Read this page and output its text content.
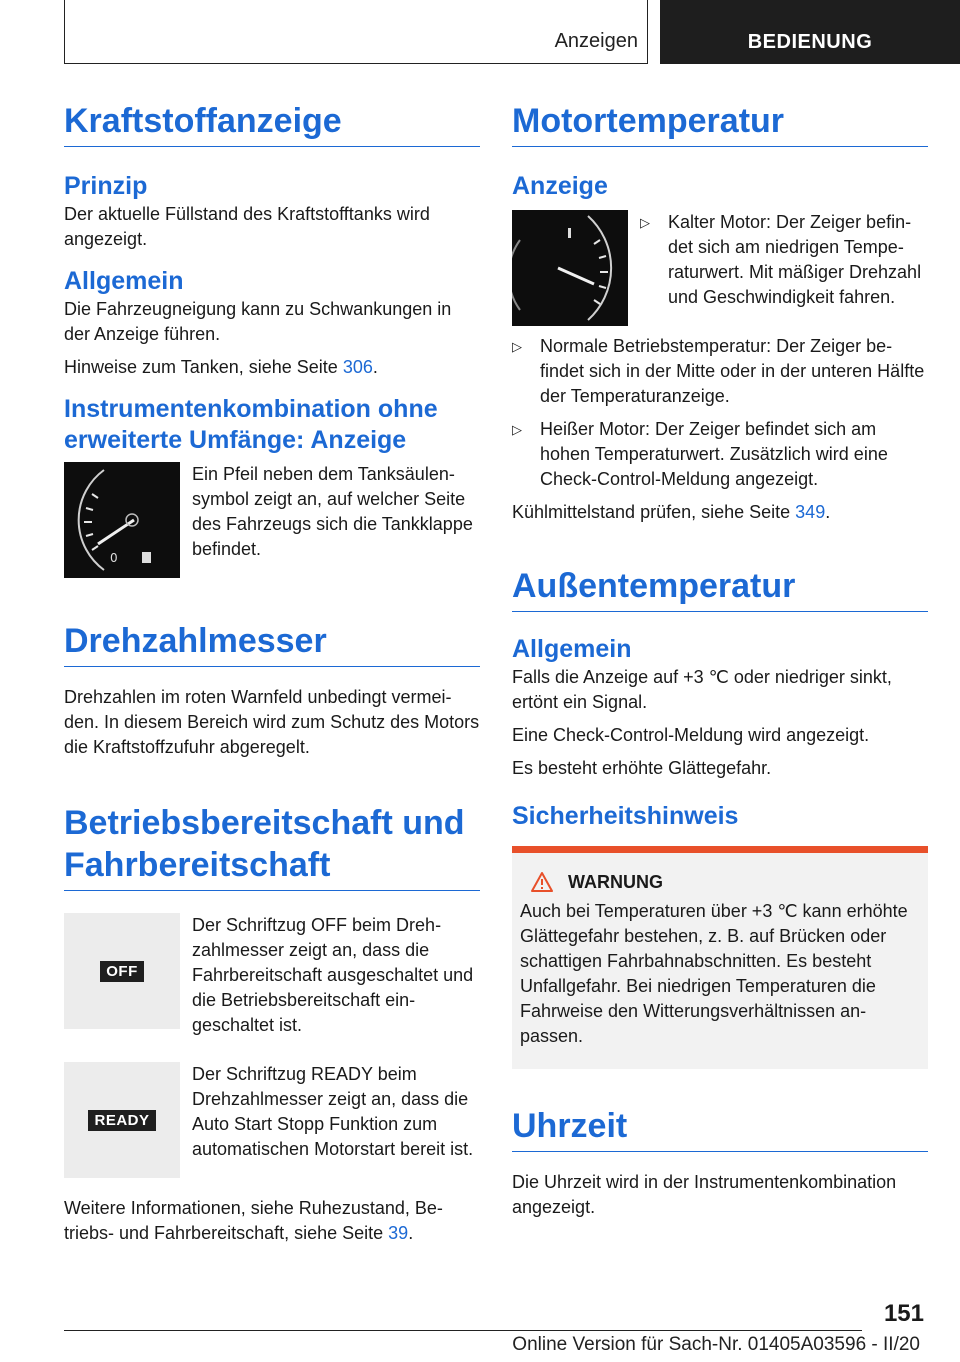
Anzeigen	BEDIENUNG
Kraftstoffanzeige
Prinzip

Der aktuelle Füllstand des Kraftstofftanks wird angezeigt.

Allgemein

Die Fahrzeugneigung kann zu Schwankungen in der Anzeige führen.

Hinweise zum Tanken, siehe Seite 306.

Instrumentenkombination ohne erweiterte Umfänge: Anzeige
0

Ein Pfeil neben dem Tanksäulensymbol zeigt an, auf welcher Seite des Fahrzeugs sich die Tankklappe befindet.

Drehzahlmesser

Drehzahlen im roten Warnfeld unbedingt vermeiden. In diesem Bereich wird zum Schutz des Motors die Kraftstoffzufuhr abgeregelt.

Betriebsbereitschaft und Fahrbereitschaft
OFF

Der Schriftzug OFF beim Drehzahlmesser zeigt an, dass die Fahrbereitschaft ausgeschaltet und die Betriebsbereitschaft eingeschaltet ist.

READY

Der Schriftzug READY beim Drehzahlmesser zeigt an, dass die Auto Start Stopp Funktion zum automatischen Motorstart bereit ist.

Weitere Informationen, siehe Ruhezustand, Betriebs- und Fahrbereitschaft, siehe Seite 39.

Motortemperatur
Anzeige
▷ Kalter Motor: Der Zeiger befindet sich am niedrigen Temperaturwert. Mit mäßiger Drehzahl und Geschwindigkeit fahren.
▷ Normale Betriebstemperatur: Der Zeiger befindet sich in der Mitte oder in der unteren Hälfte der Temperaturanzeige.
▷ Heißer Motor: Der Zeiger befindet sich am hohen Temperaturwert. Zusätzlich wird eine Check-Control-Meldung angezeigt.

Kühlmittelstand prüfen, siehe Seite 349.

Außentemperatur
Allgemein

Falls die Anzeige auf +3 ℃ oder niedriger sinkt, ertönt ein Signal.

Eine Check-Control-Meldung wird angezeigt.

Es besteht erhöhte Glättegefahr.

Sicherheitshinweis
WARNUNG

Auch bei Temperaturen über +3 ℃ kann erhöhte Glättegefahr bestehen, z. B. auf Brücken oder schattigen Fahrbahnabschnitten. Es besteht Unfallgefahr. Bei niedrigen Temperaturen die Fahrweise den Witterungsverhältnissen anpassen.

Uhrzeit

Die Uhrzeit wird in der Instrumentenkombination angezeigt.

151
Online Version für Sach-Nr. 01405A03596 - II/20
